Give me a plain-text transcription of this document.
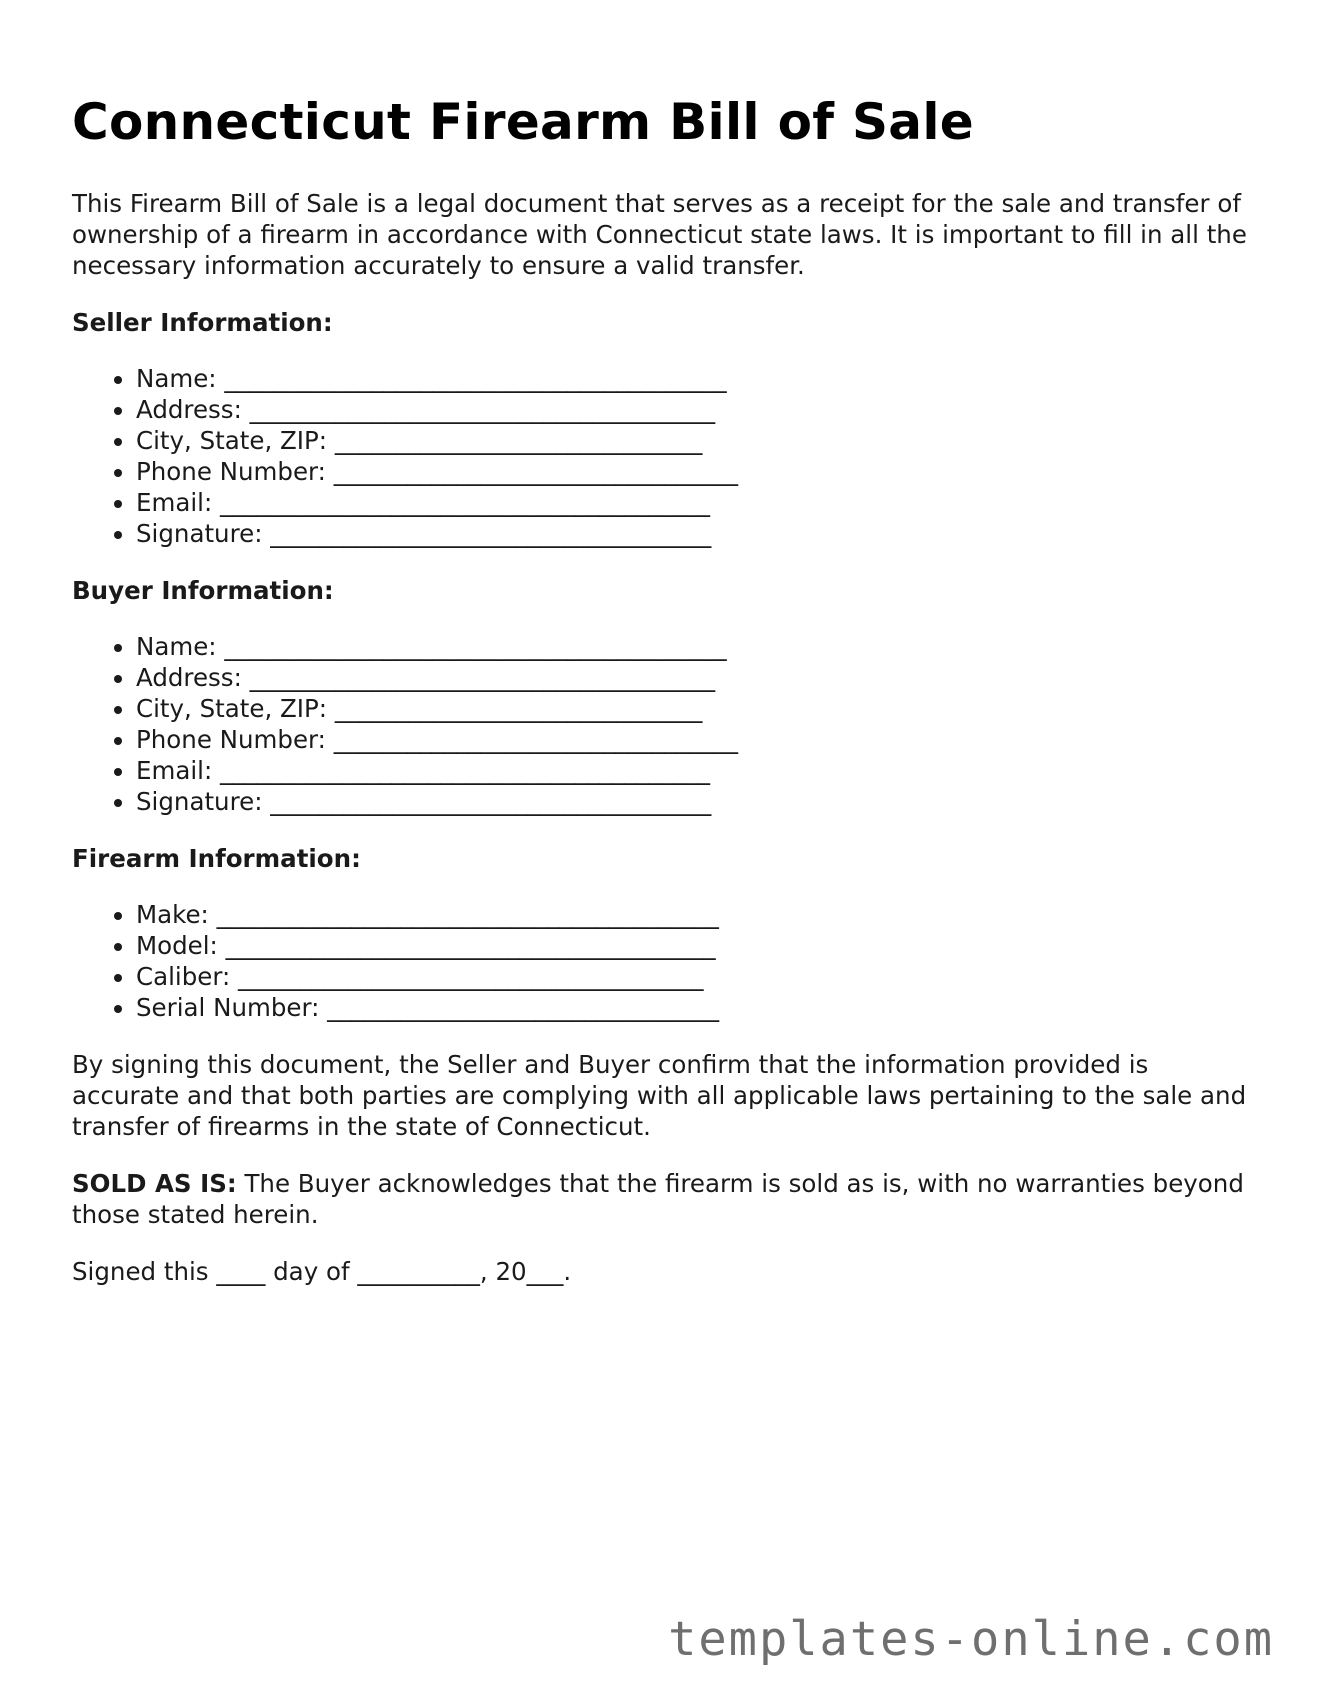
Connecticut Firearm Bill of Sale

This Firearm Bill of Sale is a legal document that serves as a receipt for the sale and transfer of ownership of a firearm in accordance with Connecticut state laws. It is important to fill in all the necessary information accurately to ensure a valid transfer.

Seller Information:
• Name: _________________________________________
• Address: ______________________________________
• City, State, ZIP: ______________________________
• Phone Number: _________________________________
• Email: ________________________________________
• Signature: ____________________________________
Buyer Information:
• Name: _________________________________________
• Address: ______________________________________
• City, State, ZIP: ______________________________
• Phone Number: _________________________________
• Email: ________________________________________
• Signature: ____________________________________
Firearm Information:
• Make: _________________________________________
• Model: ________________________________________
• Caliber: ______________________________________
• Serial Number: ________________________________

By signing this document, the Seller and Buyer confirm that the information provided is accurate and that both parties are complying with all applicable laws pertaining to the sale and transfer of firearms in the state of Connecticut.

SOLD AS IS: The Buyer acknowledges that the firearm is sold as is, with no warranties beyond those stated herein.

Signed this ____ day of __________, 20___.

templates-online.com
